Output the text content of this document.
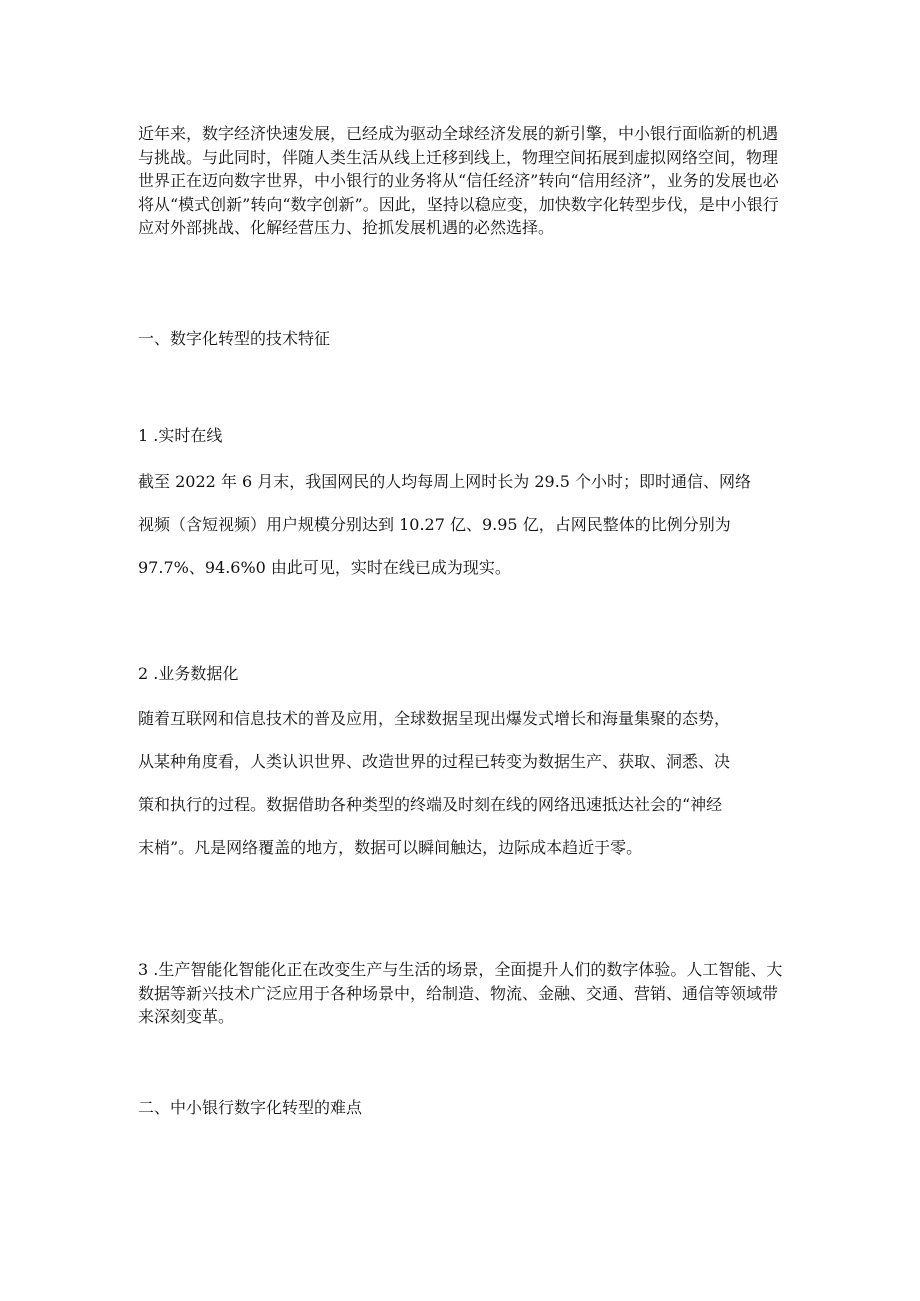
近年来，数字经济快速发展，已经成为驱动全球经济发展的新引擎，中小银行面临新的机遇与挑战。与此同时，伴随人类生活从线上迁移到线上，物理空间拓展到虚拟网络空间，物理世界正在迈向数字世界，中小银行的业务将从“信任经济”转向“信用经济”，业务的发展也必将从“模式创新”转向“数字创新”。因此，坚持以稳应变，加快数字化转型步伐，是中小银行应对外部挑战、化解经营压力、抢抓发展机遇的必然选择。

一、数字化转型的技术特征

1 .实时在线

截至 2022 年 6 月末，我国网民的人均每周上网时长为 29.5 个小时；即时通信、网络

视频（含短视频）用户规模分别达到 10.27 亿、9.95 亿，占网民整体的比例分别为

97.7%、94.6%0 由此可见，实时在线已成为现实。

2 .业务数据化

随着互联网和信息技术的普及应用，全球数据呈现出爆发式增长和海量集聚的态势，

从某种角度看，人类认识世界、改造世界的过程已转变为数据生产、获取、洞悉、决

策和执行的过程。数据借助各种类型的终端及时刻在线的网络迅速抵达社会的“神经

末梢”。凡是网络覆盖的地方，数据可以瞬间触达，边际成本趋近于零。

3 .生产智能化智能化正在改变生产与生活的场景，全面提升人们的数字体验。人工智能、大数据等新兴技术广泛应用于各种场景中，给制造、物流、金融、交通、营销、通信等领域带来深刻变革。

二、中小银行数字化转型的难点
